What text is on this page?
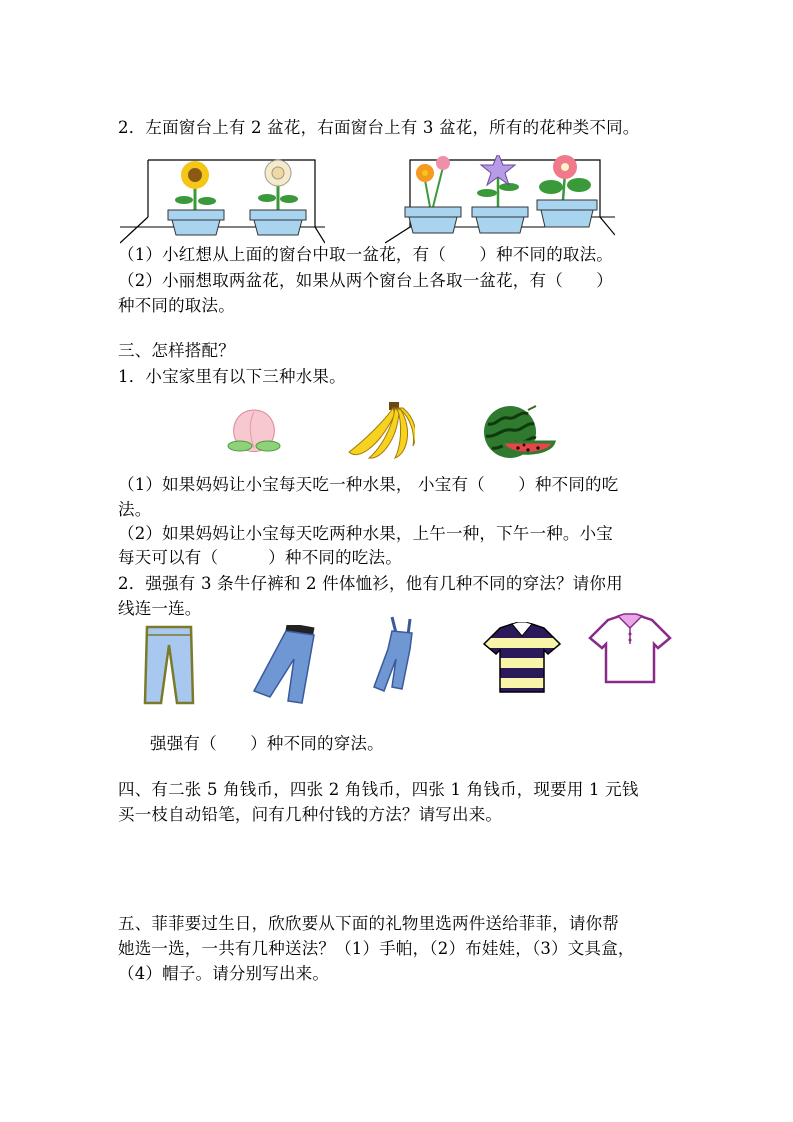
2．左面窗台上有 2 盆花，右面窗台上有 3 盆花，所有的花种类不同。
（1）小红想从上面的窗台中取一盆花，有（　　）种不同的取法。
（2）小丽想取两盆花，如果从两个窗台上各取一盆花，有（　　）
种不同的取法。
三、怎样搭配？
1．小宝家里有以下三种水果。
（1）如果妈妈让小宝每天吃一种水果， 小宝有（　　）种不同的吃
法。
（2）如果妈妈让小宝每天吃两种水果，上午一种，下午一种。小宝
每天可以有（　　　）种不同的吃法。
2．强强有 3 条牛仔裤和 2 件体恤衫，他有几种不同的穿法？请你用
线连一连。
强强有（　　）种不同的穿法。
四、有二张 5 角钱币，四张 2 角钱币，四张 1 角钱币，现要用 1 元钱
买一枝自动铅笔，问有几种付钱的方法？请写出来。
五、菲菲要过生日，欣欣要从下面的礼物里选两件送给菲菲，请你帮
她选一选，一共有几种送法？（1）手帕，（2）布娃娃，（3）文具盒，
（4）帽子。请分别写出来。
